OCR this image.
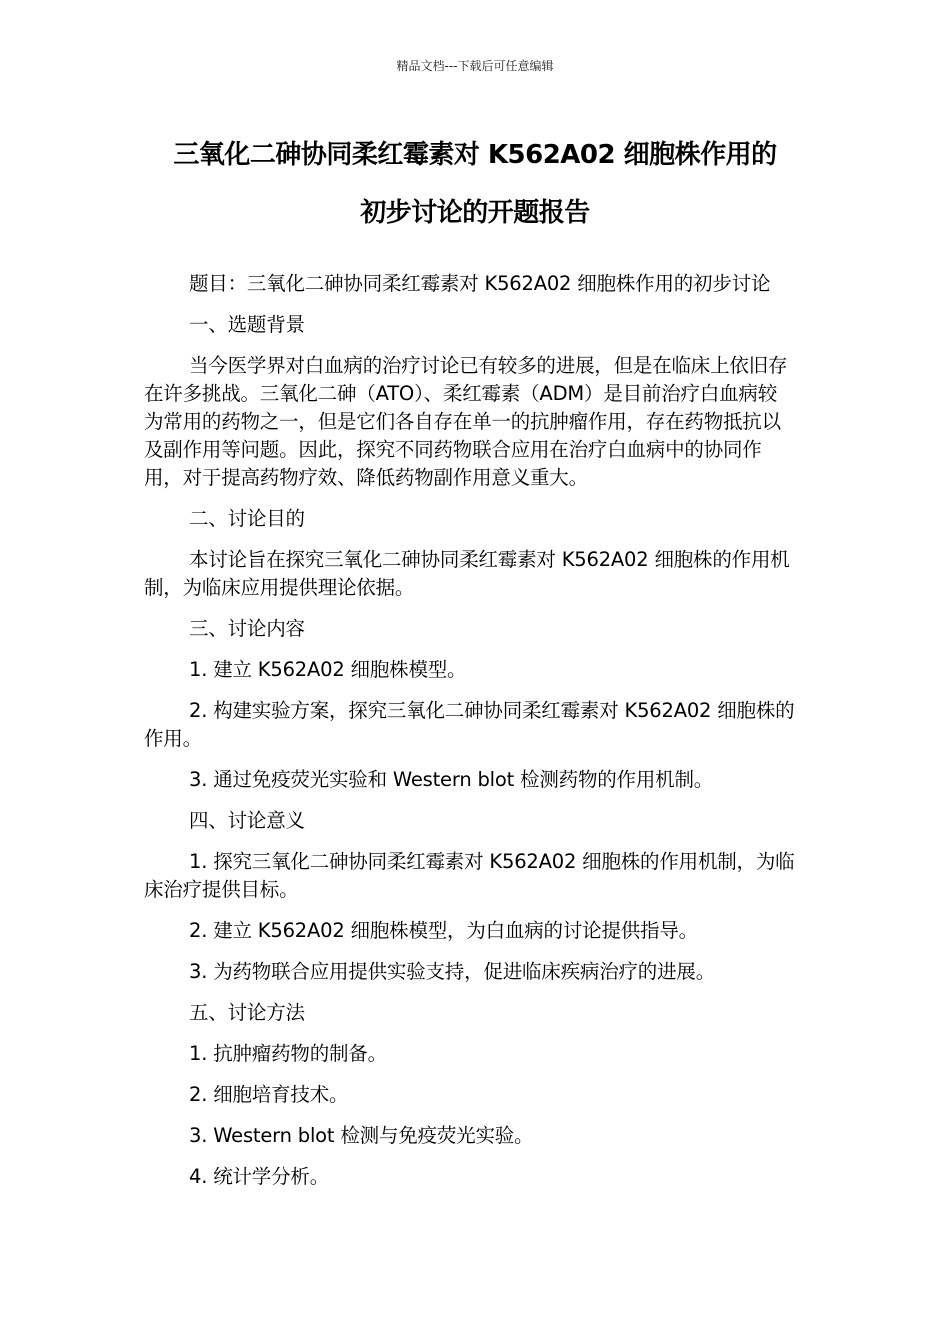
精品文档---下载后可任意编辑
三氧化二砷协同柔红霉素对 K562A02 细胞株作用的
初步讨论的开题报告

题目：三氧化二砷协同柔红霉素对 K562A02 细胞株作用的初步讨论

一、选题背景

当今医学界对白血病的治疗讨论已有较多的进展，但是在临床上依旧存在许多挑战。三氧化二砷（ATO）、柔红霉素（ADM）是目前治疗白血病较为常用的药物之一，但是它们各自存在单一的抗肿瘤作用，存在药物抵抗以及副作用等问题。因此，探究不同药物联合应用在治疗白血病中的协同作用，对于提高药物疗效、降低药物副作用意义重大。

二、讨论目的

本讨论旨在探究三氧化二砷协同柔红霉素对 K562A02 细胞株的作用机制，为临床应用提供理论依据。

三、讨论内容

1. 建立 K562A02 细胞株模型。

2. 构建实验方案，探究三氧化二砷协同柔红霉素对 K562A02 细胞株的作用。

3. 通过免疫荧光实验和 Western blot 检测药物的作用机制。

四、讨论意义

1. 探究三氧化二砷协同柔红霉素对 K562A02 细胞株的作用机制，为临床治疗提供目标。

2. 建立 K562A02 细胞株模型，为白血病的讨论提供指导。

3. 为药物联合应用提供实验支持，促进临床疾病治疗的进展。

五、讨论方法

1. 抗肿瘤药物的制备。

2. 细胞培育技术。

3. Western blot 检测与免疫荧光实验。

4. 统计学分析。
